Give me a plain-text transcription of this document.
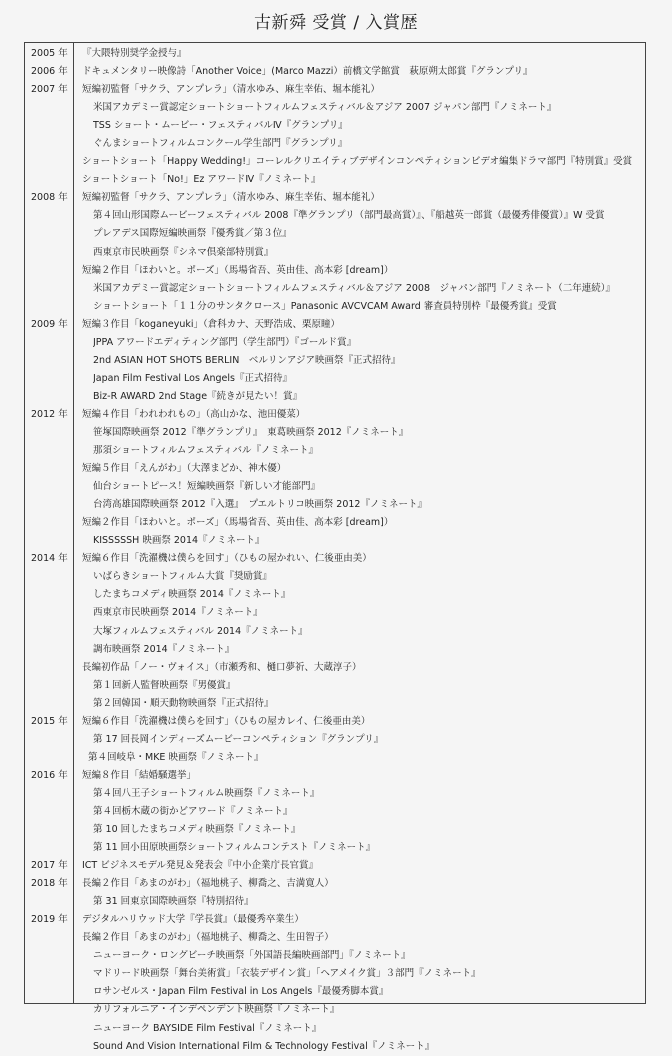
古新舜 受賞 / 入賞歴
2005 年	『大隈特別奨学金授与』
2006 年	ドキュメンタリー映像詩「Another Voice」(Marco Mazzi）前橋文学館賞　萩原朔太郎賞『グランプリ』
2007 年	短編初監督「サクラ、アンプレラ」（清水ゆみ、麻生幸佑、堀本能礼）
米国アカデミー賞認定ショートショートフィルムフェスティバル＆アジア 2007 ジャパン部門『ノミネート』
TSS ショート・ムービー・フェスティバルⅣ『グランプリ』
ぐんまショートフィルムコンクール学生部門『グランプリ』
ショートショート「Happy Wedding!」コーレルクリエイティブデザインコンペティションビデオ編集ドラマ部門『特別賞』受賞
ショートショート「No!」Ez アワードⅣ『ノミネート』
2008 年	短編初監督「サクラ、アンプレラ」（清水ゆみ、麻生幸佑、堀本能礼）
第４回山形国際ムービーフェスティバル 2008『準グランプリ（部門最高賞）』、『船越英一郎賞（最優秀俳優賞）』W 受賞
プレアデス国際短編映画祭『優秀賞／第３位』
西東京市民映画祭『シネマ倶楽部特別賞』
短編２作目「ほわいと。ポーズ」（馬場省吾、英由佳、高本彩 [dream]）
米国アカデミー賞認定ショートショートフィルムフェスティバル＆アジア 2008　ジャパン部門『ノミネート（二年連続）』
ショートショート「１１分のサンタクロース」Panasonic AVCVCAM Award 審査員特別枠『最優秀賞』受賞
2009 年	短編３作目「koganeyuki」（倉科カナ、天野浩成、栗原瞳）
JPPA アワードエディティング部門（学生部門）『ゴールド賞』
2nd ASIAN HOT SHOTS BERLIN　ベルリンアジア映画祭『正式招待』
Japan Film Festival Los Angels『正式招待』
Biz-R AWARD 2nd Stage『続きが見たい！賞』
2012 年	短編４作目「われわれもの」（高山かな、池田優菜）
笹塚国際映画祭 2012『準グランプリ』　東葛映画祭 2012『ノミネート』
那須ショートフィルムフェスティバル『ノミネート』
短編５作目「えんがわ」（大澤まどか、神木優）
仙台ショートピース！短編映画祭『新しい才能部門』
台湾高雄国際映画祭 2012『入選』　プエルトリコ映画祭 2012『ノミネート』
短編２作目「ほわいと。ポーズ」（馬場省吾、英由佳、高本彩 [dream]）
KISSSSSH 映画祭 2014『ノミネート』
2014 年	短編６作目「洗濯機は僕らを回す」（ひもの屋かれい、仁後亜由美）
いばらきショートフィルム大賞『奨励賞』
したまちコメディ映画祭 2014『ノミネート』
西東京市民映画祭 2014『ノミネート』
大塚フィルムフェスティバル 2014『ノミネート』
調布映画祭 2014『ノミネート』
長編初作品「ノー・ヴォイス」（市瀬秀和、樋口夢祈、大蔵淳子）
第１回新人監督映画祭『男優賞』
第２回韓国・順天動物映画祭『正式招待』
2015 年	短編６作目「洗濯機は僕らを回す」（ひもの屋カレイ、仁後亜由美）
第 17 回長岡インディーズムービーコンペティション『グランプリ』
第４回岐阜・MKE 映画祭『ノミネート』
2016 年	短編８作目「結婚騒選挙」
第４回八王子ショートフィルム映画祭『ノミネート』
第４回栃木蔵の街かどアワード『ノミネート』
第 10 回したまちコメディ映画祭『ノミネート』
第 11 回小田原映画祭ショートフィルムコンテスト『ノミネート』
2017 年	ICT ビジネスモデル発見＆発表会『中小企業庁長官賞』
2018 年	長編２作目「あまのがわ」（福地桃子、柳喬之、吉満寛人）
第 31 回東京国際映画祭『特別招待』
2019 年	デジタルハリウッド大学『学長賞』（最優秀卒業生）
長編２作目「あまのがわ」（福地桃子、柳喬之、生田智子）
ニューヨーク・ロングビーチ映画祭「外国語長編映画部門」『ノミネート』
マドリード映画祭「舞台美術賞」「衣装デザイン賞」「ヘアメイク賞」３部門『ノミネート』
ロサンゼルス・Japan Film Festival in Los Angels『最優秀脚本賞』
カリフォルニア・インデペンデント映画祭『ノミネート』
ニューヨーク BAYSIDE Film Festival『ノミネート』
Sound And Vision International Film & Technology Festival『ノミネート』
